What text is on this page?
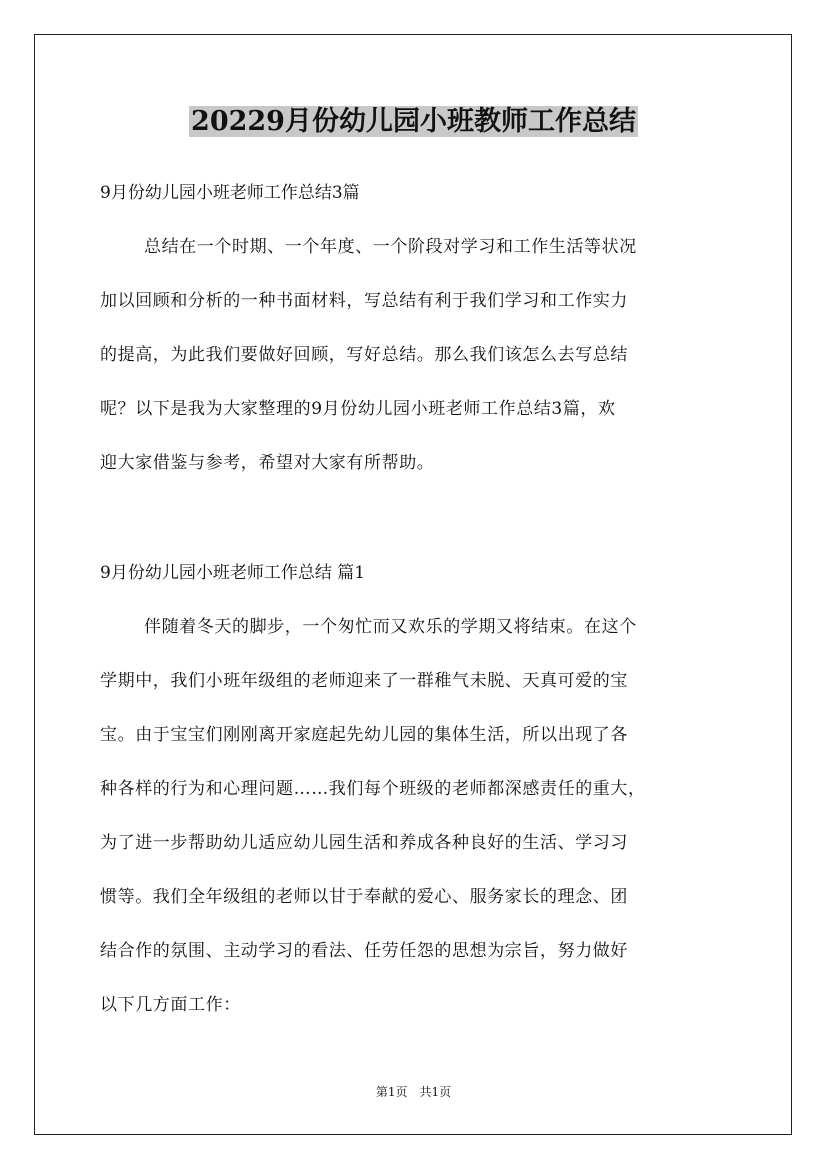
20229月份幼儿园小班教师工作总结

9月份幼儿园小班老师工作总结3篇

总结在一个时期、一个年度、一个阶段对学习和工作生活等状况
加以回顾和分析的一种书面材料，写总结有利于我们学习和工作实力
的提高，为此我们要做好回顾，写好总结。那么我们该怎么去写总结
呢？以下是我为大家整理的9月份幼儿园小班老师工作总结3篇，欢
迎大家借鉴与参考，希望对大家有所帮助。

9月份幼儿园小班老师工作总结 篇1

伴随着冬天的脚步，一个匆忙而又欢乐的学期又将结束。在这个
学期中，我们小班年级组的老师迎来了一群稚气未脱、天真可爱的宝
宝。由于宝宝们刚刚离开家庭起先幼儿园的集体生活，所以出现了各
种各样的行为和心理问题……我们每个班级的老师都深感责任的重大，
为了进一步帮助幼儿适应幼儿园生活和养成各种良好的生活、学习习
惯等。我们全年级组的老师以甘于奉献的爱心、服务家长的理念、团
结合作的氛围、主动学习的看法、任劳任怨的思想为宗旨，努力做好
以下几方面工作：

第1页　共1页
